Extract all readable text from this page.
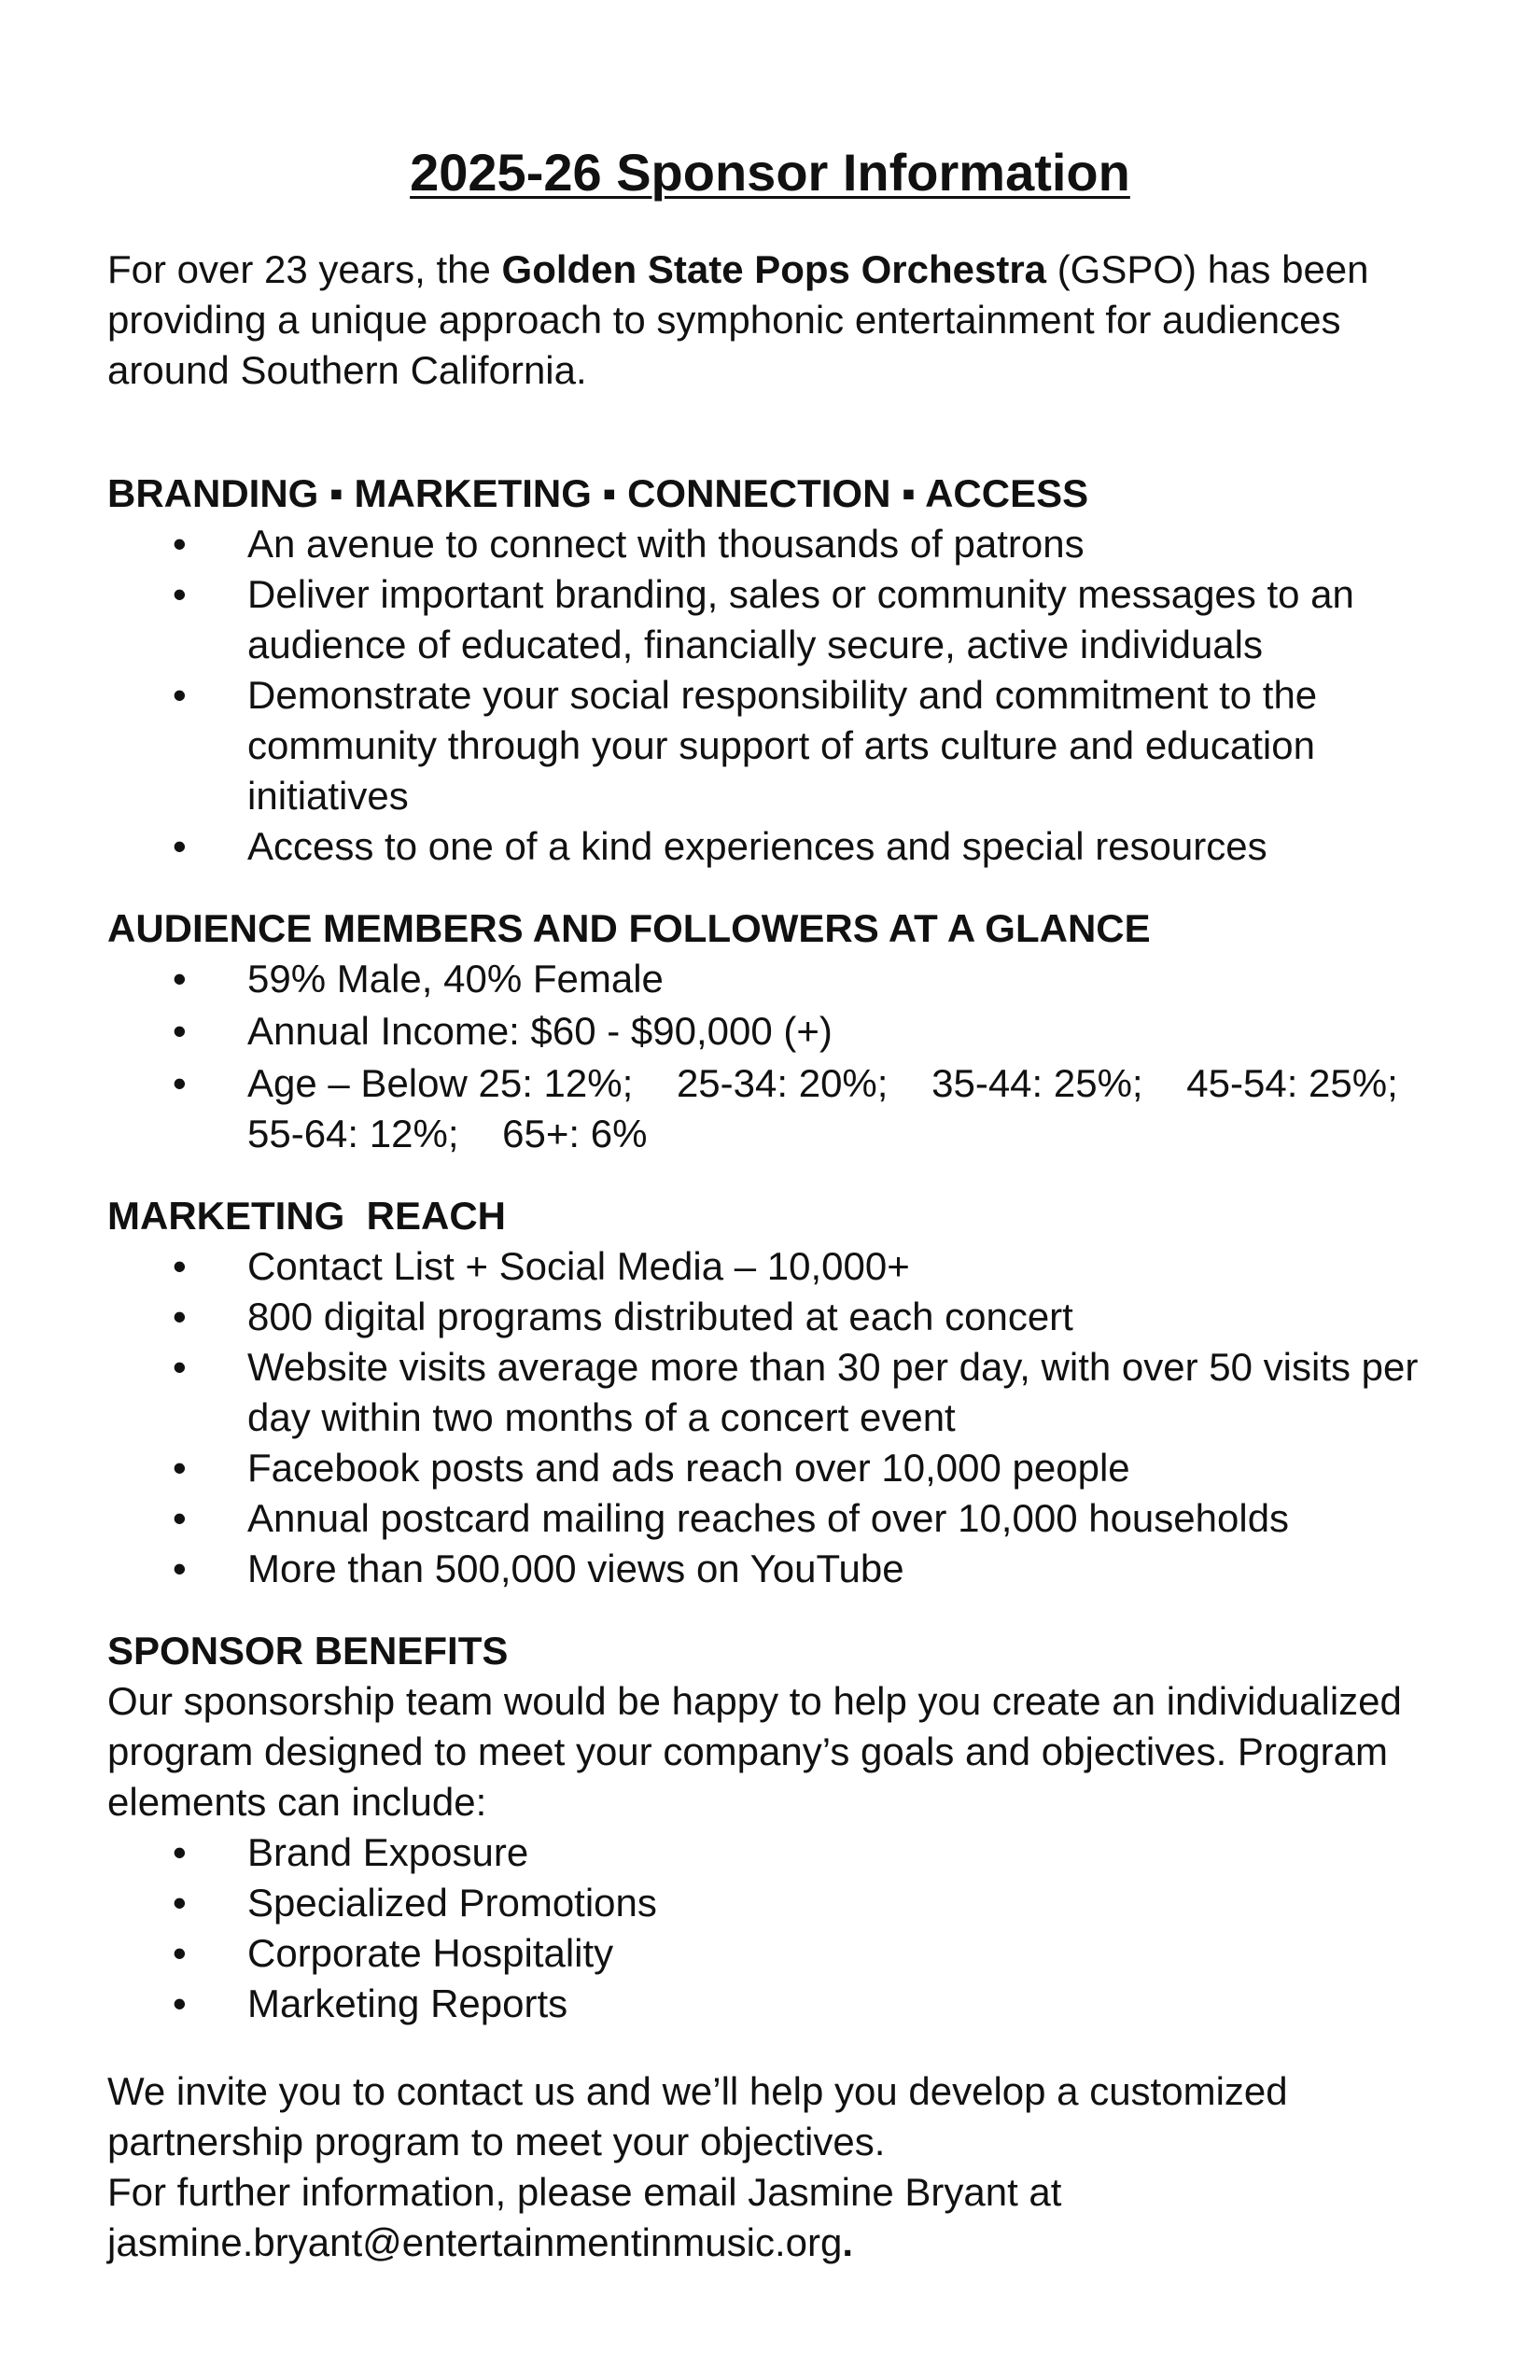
2025-26 Sponsor Information

For over 23 years, the Golden State Pops Orchestra (GSPO) has been providing a unique approach to symphonic entertainment for audiences around Southern California.

BRANDING ▪ MARKETING ▪ CONNECTION ▪ ACCESS

• An avenue to connect with thousands of patrons
• Deliver important branding, sales or community messages to an audience of educated, financially secure, active individuals
• Demonstrate your social responsibility and commitment to the community through your support of arts culture and education initiatives
• Access to one of a kind experiences and special resources

AUDIENCE MEMBERS AND FOLLOWERS AT A GLANCE

• 59% Male, 40% Female
• Annual Income: $60 - $90,000 (+)
• Age – Below 25: 12%;    25-34: 20%;    35-44: 25%;    45-54: 25%;    55-64: 12%;    65+: 6%

MARKETING  REACH

• Contact List + Social Media – 10,000+
• 800 digital programs distributed at each concert
• Website visits average more than 30 per day, with over 50 visits per day within two months of a concert event
• Facebook posts and ads reach over 10,000 people
• Annual postcard mailing reaches of over 10,000 households
• More than 500,000 views on YouTube

SPONSOR BENEFITS

Our sponsorship team would be happy to help you create an individualized program designed to meet your company’s goals and objectives. Program elements can include:

• Brand Exposure
• Specialized Promotions
• Corporate Hospitality
• Marketing Reports

We invite you to contact us and we’ll help you develop a customized partnership program to meet your objectives.

For further information, please email Jasmine Bryant at

jasmine.bryant@entertainmentinmusic.org.
